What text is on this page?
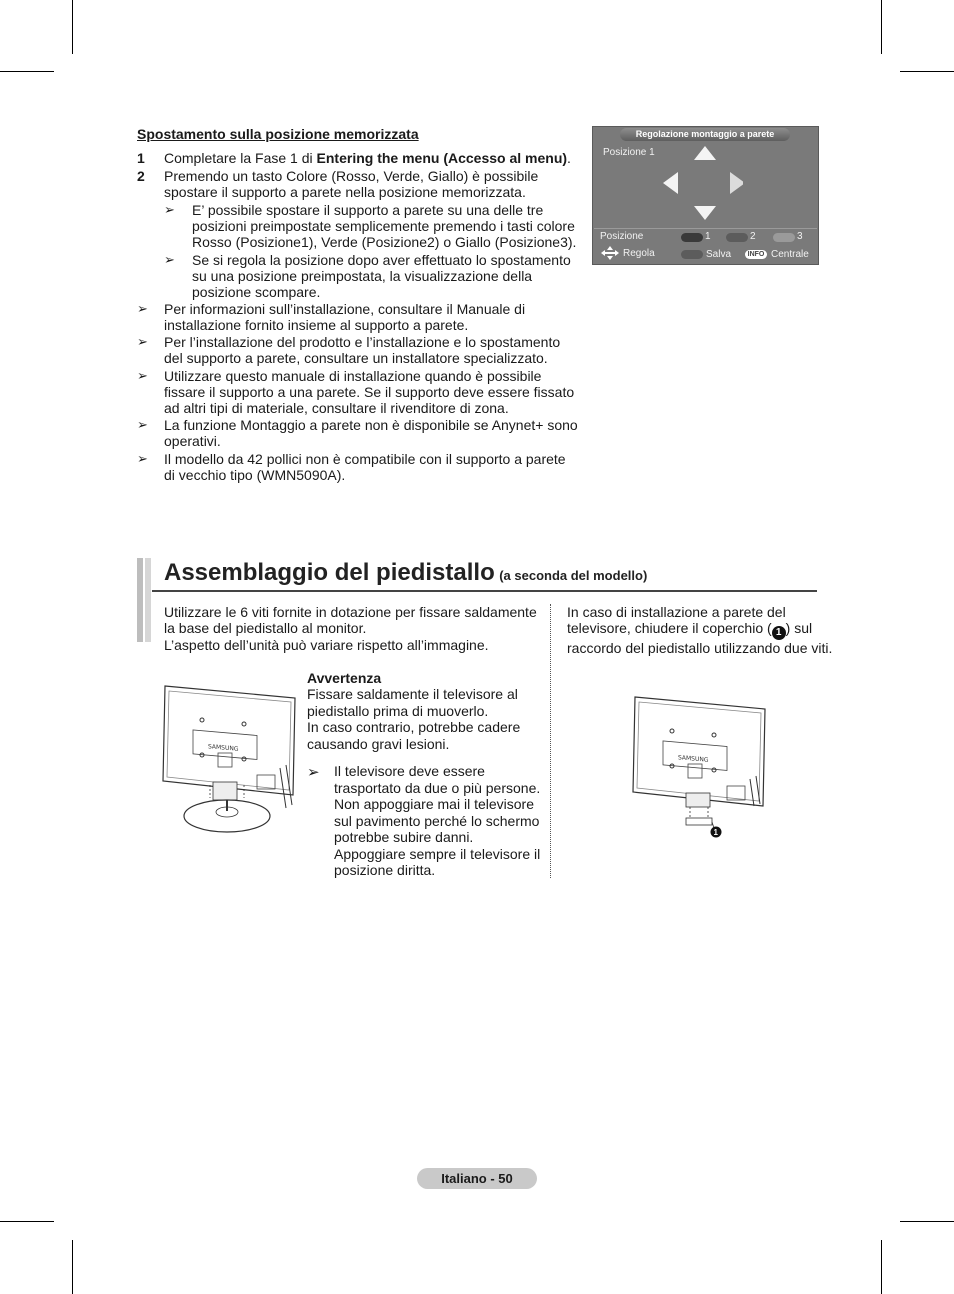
Spostamento sulla posizione memorizzata
1 Completare la Fase 1 di Entering the menu (Accesso al menu).
2 Premendo un tasto Colore (Rosso, Verde, Giallo) è possibile
spostare il supporto a parete nella posizione memorizzata.
➢ E’ possibile spostare il supporto a parete su una delle tre
posizioni preimpostate semplicemente premendo i tasti colore
Rosso (Posizione1), Verde (Posizione2) o Giallo (Posizione3).
➢ Se si regola la posizione dopo aver effettuato lo spostamento
su una posizione preimpostata, la visualizzazione della
posizione scompare.
➢ Per informazioni sull’installazione, consultare il Manuale di
installazione fornito insieme al supporto a parete.
➢ Per l’installazione del prodotto e l’installazione e lo spostamento
del supporto a parete, consultare un installatore specializzato.
➢ Utilizzare questo manuale di installazione quando è possibile
fissare il supporto a una parete. Se il supporto deve essere fissato
ad altri tipi di materiale, consultare il rivenditore di zona.
➢ La funzione Montaggio a parete non è disponibile se Anynet+ sono
operativi.
➢ Il modello da 42 pollici non è compatibile con il supporto a parete
di vecchio tipo (WMN5090A).
Regolazione montaggio a parete
Posizione 1
Posizione	1	2	3
Regola	Salva	INFO Centrale
Assemblaggio del piedistallo (a seconda del modello)
Utilizzare le 6 viti fornite in dotazione per fissare saldamente
la base del piedistallo al monitor.
L’aspetto dell’unità può variare rispetto all’immagine.
Avvertenza
Fissare saldamente il televisore al
piedistallo prima di muoverlo.
In caso contrario, potrebbe cadere
causando gravi lesioni.
➢ Il televisore deve essere
trasportato da due o più persone.
Non appoggiare mai il televisore
sul pavimento perché lo schermo
potrebbe subire danni.
Appoggiare sempre il televisore il
posizione diritta.
In caso di installazione a parete del
televisore, chiudere il coperchio ( 1 ) sul
raccordo del piedistallo utilizzando due viti.
SAMSUNG
SAMSUNG
1
Italiano - 50
